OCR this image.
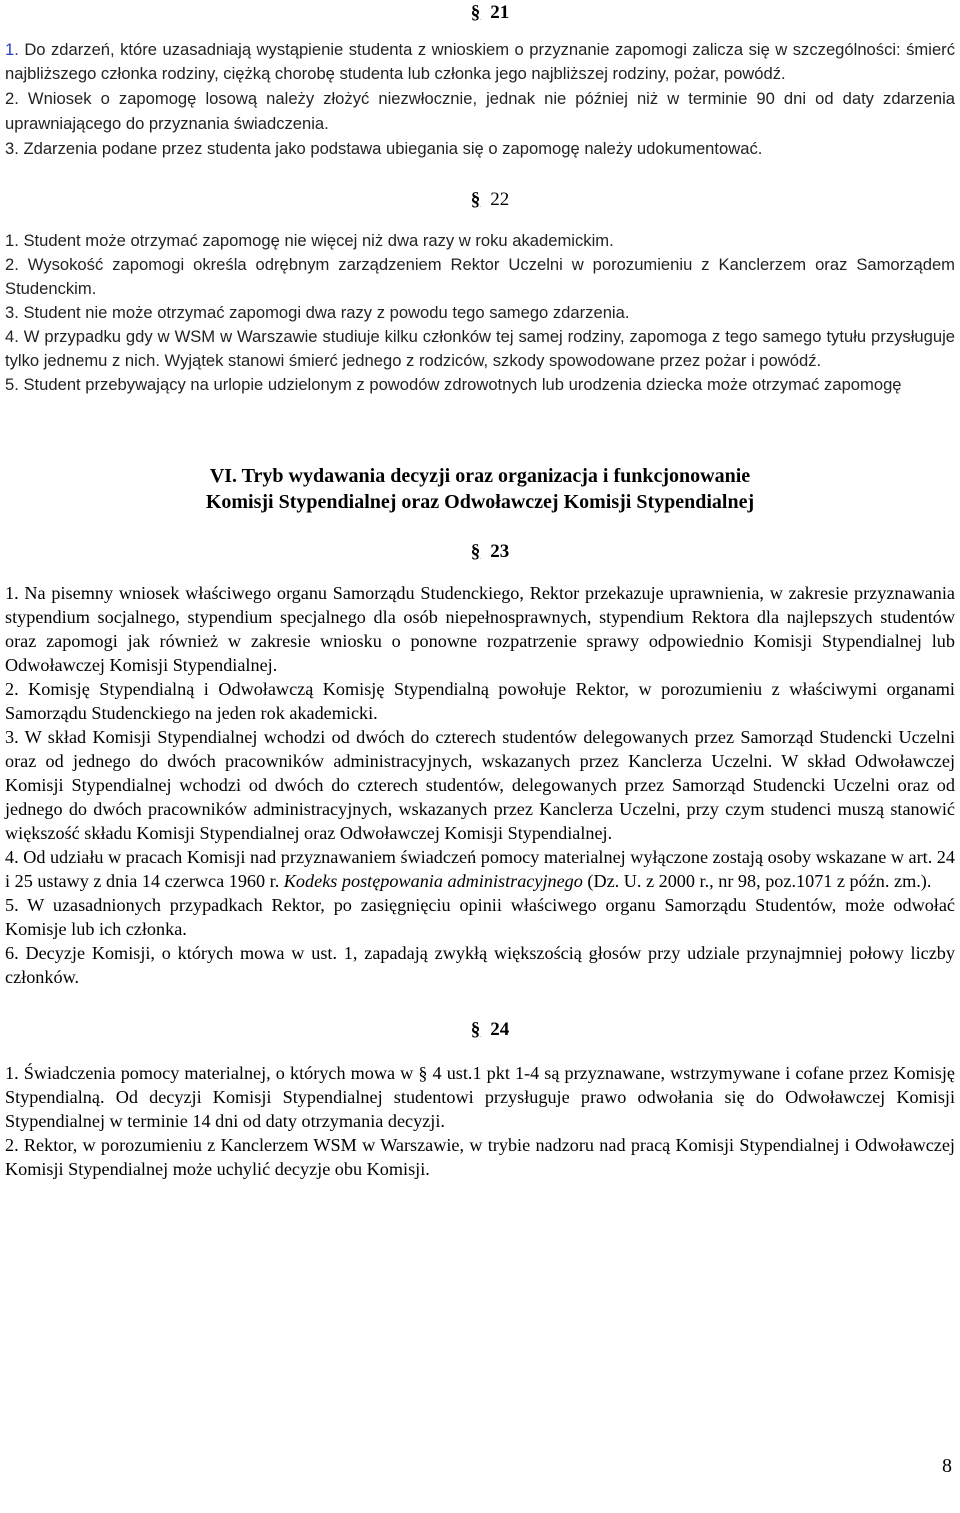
§ 21

1. Do zdarzeń, które uzasadniają wystąpienie studenta z wnioskiem o przyznanie zapomogi zalicza się w szczególności: śmierć najbliższego członka rodziny, ciężką chorobę studenta lub członka jego najbliższej rodziny, pożar, powódź.

2. Wniosek o zapomogę losową należy złożyć niezwłocznie, jednak nie później niż w terminie 90 dni od daty zdarzenia uprawniającego do przyznania świadczenia.

3. Zdarzenia podane przez studenta jako podstawa ubiegania się o zapomogę należy udokumentować.

§ 22

1. Student może otrzymać zapomogę nie więcej niż dwa razy w roku akademickim.

2. Wysokość zapomogi określa odrębnym zarządzeniem Rektor Uczelni w porozumieniu z Kanclerzem oraz Samorządem Studenckim.

3. Student nie może otrzymać zapomogi dwa razy z powodu tego samego zdarzenia.

4. W przypadku gdy w WSM w Warszawie studiuje kilku członków tej samej rodziny, zapomoga z tego samego tytułu przysługuje tylko jednemu z nich. Wyjątek stanowi śmierć jednego z rodziców, szkody spowodowane przez pożar i powódź.

5. Student przebywający na urlopie udzielonym z powodów zdrowotnych lub urodzenia dziecka może otrzymać zapomogę

VI. Tryb wydawania decyzji oraz organizacja i funkcjonowanie
Komisji Stypendialnej oraz Odwoławczej Komisji Stypendialnej
§ 23

1. Na pisemny wniosek właściwego organu Samorządu Studenckiego, Rektor przekazuje uprawnienia, w zakresie przyznawania stypendium socjalnego, stypendium specjalnego dla osób niepełnosprawnych, stypendium Rektora dla najlepszych studentów oraz zapomogi jak również w zakresie wniosku o ponowne rozpatrzenie sprawy odpowiednio Komisji Stypendialnej lub Odwoławczej Komisji Stypendialnej.

2. Komisję Stypendialną i Odwoławczą Komisję Stypendialną powołuje Rektor, w porozumieniu z właściwymi organami Samorządu Studenckiego na jeden rok akademicki.

3. W skład Komisji Stypendialnej wchodzi od dwóch do czterech studentów delegowanych przez Samorząd Studencki Uczelni oraz od jednego do dwóch pracowników administracyjnych, wskazanych przez Kanclerza Uczelni. W skład Odwoławczej Komisji Stypendialnej wchodzi od dwóch do czterech studentów, delegowanych przez Samorząd Studencki Uczelni oraz od jednego do dwóch pracowników administracyjnych, wskazanych przez Kanclerza Uczelni, przy czym studenci muszą stanowić większość składu Komisji Stypendialnej oraz Odwoławczej Komisji Stypendialnej.

4. Od udziału w pracach Komisji nad przyznawaniem świadczeń pomocy materialnej wyłączone zostają osoby wskazane w art. 24 i 25 ustawy z dnia 14 czerwca 1960 r. Kodeks postępowania administracyjnego (Dz. U. z 2000 r., nr 98, poz.1071 z późn. zm.).

5. W uzasadnionych przypadkach Rektor, po zasięgnięciu opinii właściwego organu Samorządu Studentów, może odwołać Komisje lub ich członka.

6. Decyzje Komisji, o których mowa w ust. 1, zapadają zwykłą większością głosów przy udziale przynajmniej połowy liczby członków.

§ 24

1. Świadczenia pomocy materialnej, o których mowa w § 4 ust.1 pkt 1-4 są przyznawane, wstrzymywane i cofane przez Komisję Stypendialną. Od decyzji Komisji Stypendialnej studentowi przysługuje prawo odwołania się do Odwoławczej Komisji Stypendialnej w terminie 14 dni od daty otrzymania decyzji.

2. Rektor, w porozumieniu z Kanclerzem WSM w Warszawie, w trybie nadzoru nad pracą Komisji Stypendialnej i Odwoławczej Komisji Stypendialnej może uchylić decyzje obu Komisji.

8
